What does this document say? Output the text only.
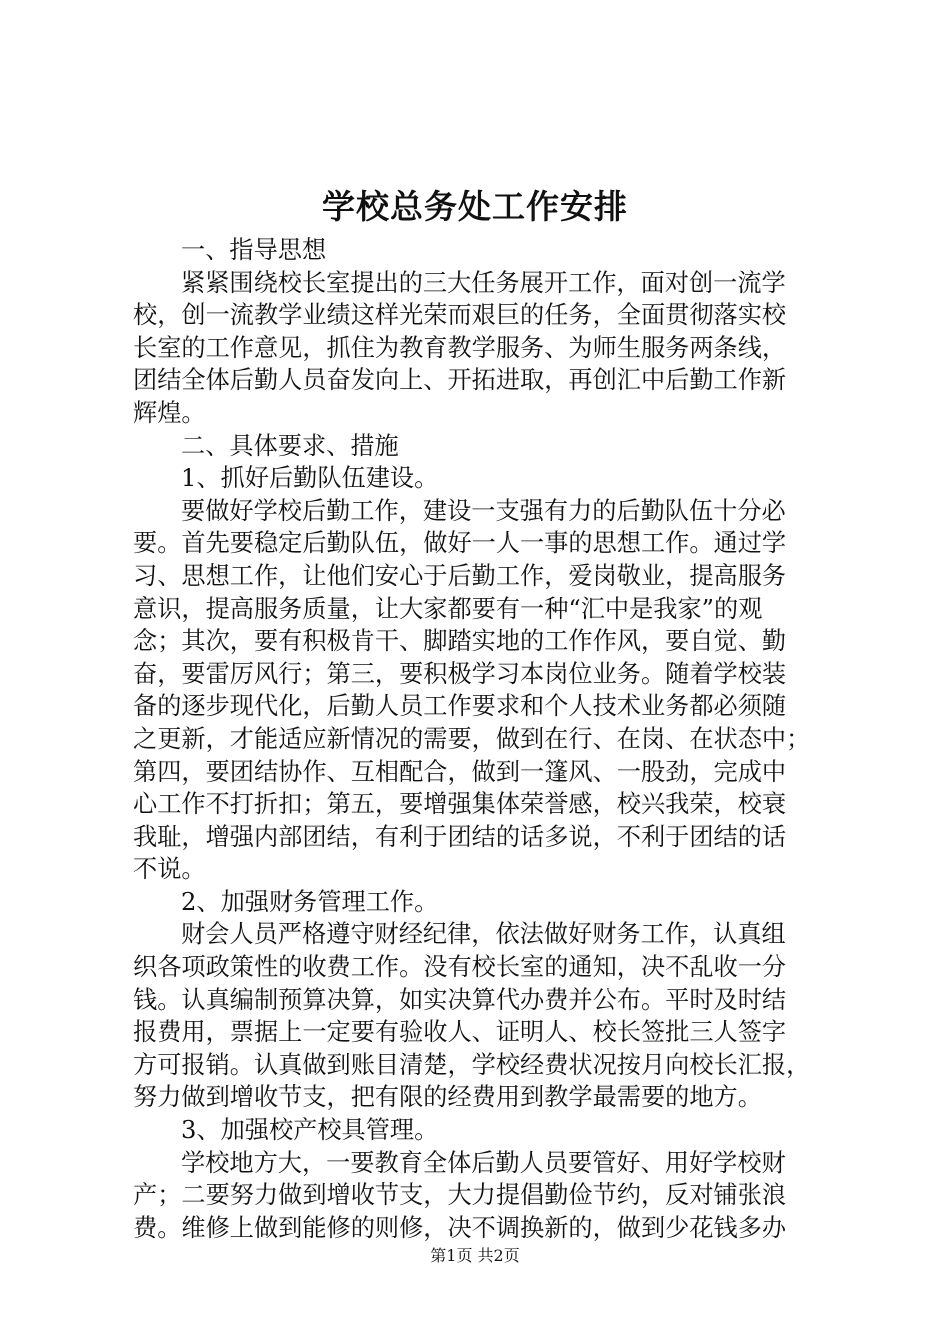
学校总务处工作安排
一、指导思想
紧紧围绕校长室提出的三大任务展开工作，面对创一流学
校，创一流教学业绩这样光荣而艰巨的任务，全面贯彻落实校
长室的工作意见，抓住为教育教学服务、为师生服务两条线，
团结全体后勤人员奋发向上、开拓进取，再创汇中后勤工作新
辉煌。
二、具体要求、措施
1、抓好后勤队伍建设。
要做好学校后勤工作，建设一支强有力的后勤队伍十分必
要。首先要稳定后勤队伍，做好一人一事的思想工作。通过学
习、思想工作，让他们安心于后勤工作，爱岗敬业，提高服务
意识，提高服务质量，让大家都要有一种“汇中是我家”的观
念；其次，要有积极肯干、脚踏实地的工作作风，要自觉、勤
奋，要雷厉风行；第三，要积极学习本岗位业务。随着学校装
备的逐步现代化，后勤人员工作要求和个人技术业务都必须随
之更新，才能适应新情况的需要，做到在行、在岗、在状态中；
第四，要团结协作、互相配合，做到一篷风、一股劲，完成中
心工作不打折扣；第五，要增强集体荣誉感，校兴我荣，校衰
我耻，增强内部团结，有利于团结的话多说，不利于团结的话
不说。
2、加强财务管理工作。
财会人员严格遵守财经纪律，依法做好财务工作，认真组
织各项政策性的收费工作。没有校长室的通知，决不乱收一分
钱。认真编制预算决算，如实决算代办费并公布。平时及时结
报费用，票据上一定要有验收人、证明人、校长签批三人签字
方可报销。认真做到账目清楚，学校经费状况按月向校长汇报，
努力做到增收节支，把有限的经费用到教学最需要的地方。
3、加强校产校具管理。
学校地方大，一要教育全体后勤人员要管好、用好学校财
产；二要努力做到增收节支，大力提倡勤俭节约，反对铺张浪
费。维修上做到能修的则修，决不调换新的，做到少花钱多办
第1页 共2页
